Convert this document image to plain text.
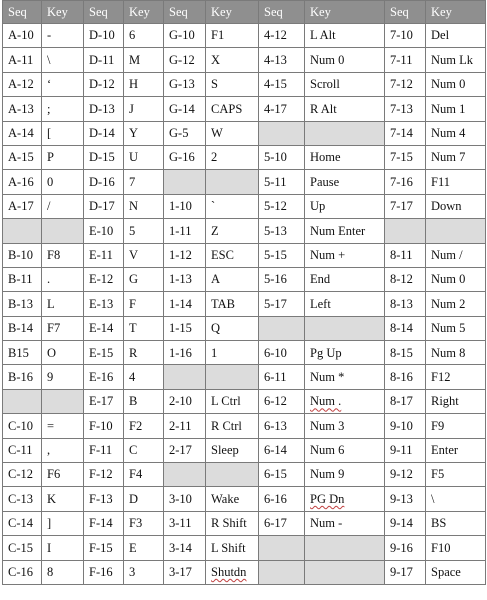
Seq	Key	Seq	Key	Seq	Key	Seq	Key	Seq	Key
A-10	-	D-10	6	G-10	F1	4-12	L Alt	7-10	Del
A-11	\	D-11	M	G-12	X	4-13	Num 0	7-11	Num Lk
A-12	‘	D-12	H	G-13	S	4-15	Scroll	7-12	Num 0
A-13	;	D-13	J	G-14	CAPS	4-17	R Alt	7-13	Num 1
A-14	[	D-14	Y	G-5	W			7-14	Num 4
A-15	P	D-15	U	G-16	2	5-10	Home	7-15	Num 7
A-16	0	D-16	7			5-11	Pause	7-16	F11
A-17	/	D-17	N	1-10	`	5-12	Up	7-17	Down
		E-10	5	1-11	Z	5-13	Num Enter		
B-10	F8	E-11	V	1-12	ESC	5-15	Num +	8-11	Num /
B-11	.	E-12	G	1-13	A	5-16	End	8-12	Num 0
B-13	L	E-13	F	1-14	TAB	5-17	Left	8-13	Num 2
B-14	F7	E-14	T	1-15	Q			8-14	Num 5
B15	O	E-15	R	1-16	1	6-10	Pg Up	8-15	Num 8
B-16	9	E-16	4			6-11	Num *	8-16	F12
		E-17	B	2-10	L Ctrl	6-12	Num .	8-17	Right
C-10	=	F-10	F2	2-11	R Ctrl	6-13	Num 3	9-10	F9
C-11	,	F-11	C	2-17	Sleep	6-14	Num 6	9-11	Enter
C-12	F6	F-12	F4			6-15	Num 9	9-12	F5
C-13	K	F-13	D	3-10	Wake	6-16	PG Dn	9-13	\
C-14	]	F-14	F3	3-11	R Shift	6-17	Num -	9-14	BS
C-15	I	F-15	E	3-14	L Shift			9-16	F10
C-16	8	F-16	3	3-17	Shutdn			9-17	Space
